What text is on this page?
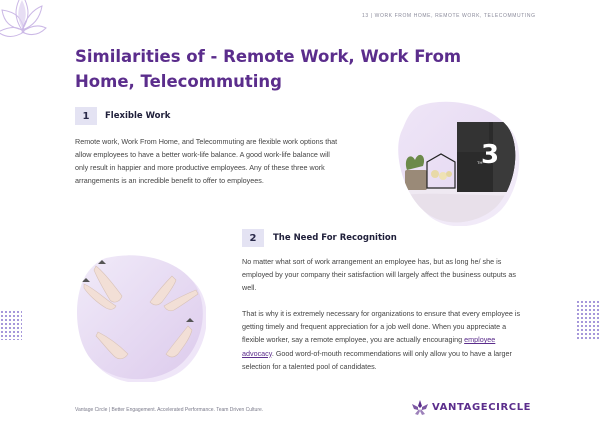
13 | WORK FROM HOME, REMOTE WORK, TELECOMMUTING
Similarities of - Remote Work, Work From Home, Telecommuting
1	Flexible Work

Remote work, Work From Home, and Telecommuting are flexible work options that allow employees to have a better work-life balance. A good work-life balance will only result in happier and more productive employees. Any of these three work arrangements is an incredible benefit to offer to employees.

3
TH
2	The Need For Recognition

No matter what sort of work arrangement an employee has, but as long he/ she is employed by your company their satisfaction will largely affect the business outputs as well.

That is why it is extremely necessary for organizations to ensure that every employee is getting timely and frequent appreciation for a job well done. When you appreciate a flexible worker, say a remote employee, you are actually encouraging employee advocacy. Good word-of-mouth recommendations will only allow you to have a larger selection for a talented pool of candidates.

Vantage Circle | Better Engagement. Accelerated Performance. Team Driven Culture.	VANTAGECIRCLE
